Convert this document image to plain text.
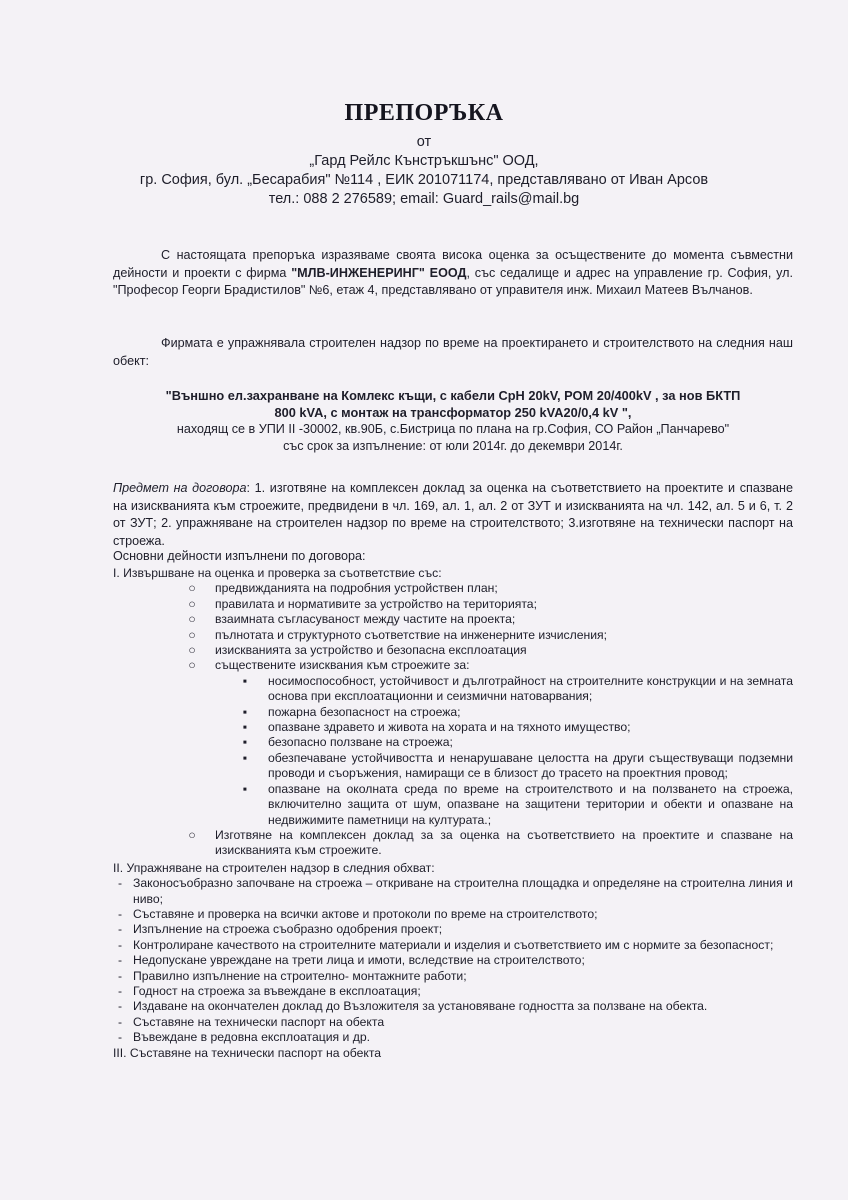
ПРЕПОРЪКА
от
„Гард Рейлс Кънстръкшънс" ООД,
гр. София, бул. „Бесарабия" №114 , ЕИК 201071174, представлявано от Иван Арсов
тел.: 088 2 276589; email: Guard_rails@mail.bg
С настоящата препоръка изразяваме своята висока оценка за осъществените до момента съвместни дейности и проекти с фирма "МЛВ-ИНЖЕНЕРИНГ" ЕООД, със седалище и адрес на управление гр. София, ул. "Професор Георги Брадистилов" №6, етаж 4, представлявано от управителя инж. Михаил Матеев Вълчанов.
Фирмата е упражнявала строителен надзор по време на проектирането и строителството на следния наш обект:
"Външно ел.захранване на Комлекс къщи, с кабели СрН 20kV, РОМ 20/400kV , за нов БКТП
800 kVA, с монтаж на трансформатор 250 kVA20/0,4 kV ",
находящ се в УПИ II -30002, кв.90Б, с.Бистрица по плана на гр.София, СО Район „Панчарево"
със срок за изпълнение: от юли 2014г. до декември 2014г.
Предмет на договора: 1. изготвяне на комплексен доклад за оценка на съответствието на проектите и спазване на изискванията към строежите, предвидени в чл. 169, ал. 1, ал. 2 от ЗУТ и изискванията на чл. 142, ал. 5 и 6, т. 2 от ЗУТ; 2. упражняване на строителен надзор по време на строителството; 3.изготвяне на технически паспорт на строежа.
Основни дейности изпълнени по договора:
I. Извършване на оценка и проверка за съответствие със:
○ предвижданията на подробния устройствен план;
○ правилата и нормативите за устройство на територията;
○ взаимната съгласуваност между частите на проекта;
○ пълнотата и структурното съответствие на инженерните изчисления;
○ изискванията за устройство и безопасна експлоатация
○ съществените изисквания към строежите за:
▪	носимоспособност, устойчивост и дълготрайност на строителните конструкции и на земната основа при експлоатационни и сеизмични натоварвания;
▪	пожарна безопасност на строежа;
▪	опазване здравето и живота на хората и на тяхното имущество;
▪	безопасно ползване на строежа;
▪	обезпечаване устойчивостта и ненарушаване целостта на други съществуващи подземни проводи и съоръжения, намиращи се в близост до трасето на проектния провод;
▪	опазване на околната среда по време на строителството и на ползването на строежа, включително защита от шум, опазване на защитени територии и обекти и опазване на недвижимите паметници на културата.;
○ Изготвяне на комплексен доклад за за оценка на съответствието на проектите и спазване на изискванията към строежите.
II. Упражняване на строителен надзор в следния обхват:
- Законосъобразно започване на строежа – откриване на строителна площадка и определяне на строителна линия и ниво;
- Съставяне и проверка на всички актове и протоколи по време на строителството;
- Изпълнение на строежа съобразно одобрения проект;
- Контролиране качеството на строителните материали и изделия и съответствието им с нормите за безопасност;
- Недопускане увреждане на трети лица и имоти, вследствие на строителството;
- Правилно изпълнение на строително- монтажните работи;
- Годност на строежа за въвеждане в експлоатация;
- Издаване на окончателен доклад до Възложителя за установяване годността за ползване на обекта.
- Съставяне на технически паспорт на обекта
- Въвеждане в редовна експлоатация и др.
III. Съставяне на технически паспорт на обекта
